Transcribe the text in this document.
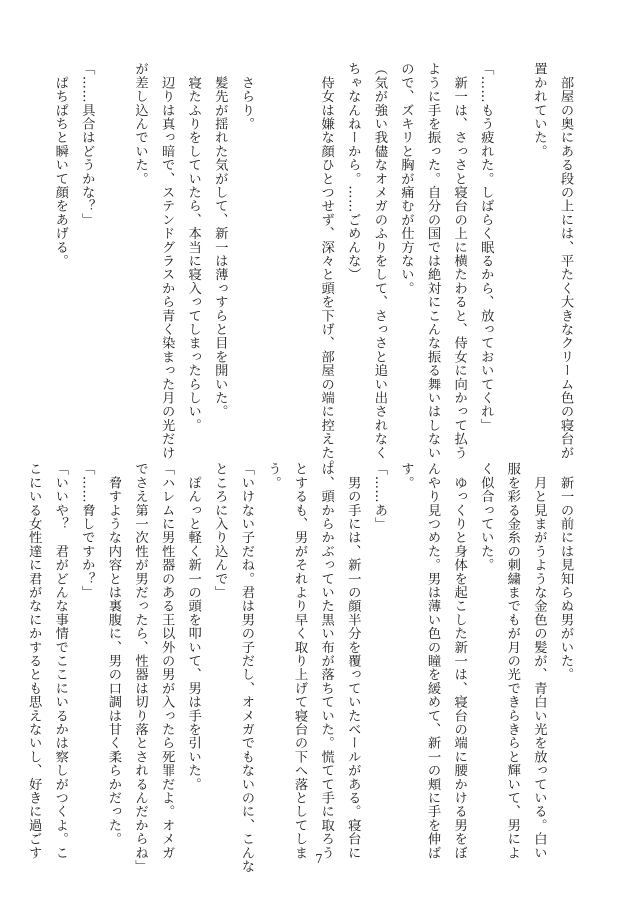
　部屋の奥にある段の上には、平たく大きなクリーム色の寝台が
置かれていた。
「……もう疲れた。しばらく眠るから、放っておいてくれ」
　新一は、さっさと寝台の上に横たわると、侍女に向かって払う
ように手を振った。自分の国では絶対にこんな振る舞いはしない
ので、ズキリと胸が痛むが仕方ない。
（気が強い我儘なオメガのふりをして、さっさと追い出されなく
ちゃなんねーから。……ごめんな）
　侍女は嫌な顔ひとつせず、深々と頭を下げ、部屋の端に控えた。
　さらり。
　髪先が揺れた気がして、新一は薄っすらと目を開いた。
　寝たふりをしていたら、本当に寝入ってしまったらしい。
　辺りは真っ暗で、ステンドグラスから青く染まった月の光だけ
が差し込んでいた。
「……具合はどうかな？」
　ぱちぱちと瞬いて顔をあげる。
　新一の前には見知らぬ男がいた。
　月と見まがうような金色の髪が、青白い光を放っている。白い
服を彩る金糸の刺繍までもが月の光できらきらと輝いて、男によ
く似合っていた。
　ゆっくりと身体を起こした新一は、寝台の端に腰かける男をぼ
んやり見つめた。男は薄い色の瞳を緩めて、新一の頬に手を伸ば
す。
「……あ」
　男の手には、新一の顔半分を覆っていたベールがある。寝台に
は、頭からかぶっていた黒い布が落ちていた。慌てて手に取ろう
とするも、男がそれより早く取り上げて寝台の下へ落としてしま
う。
「いけない子だね。君は男の子だし、オメガでもないのに、こんな
ところに入り込んで」
　ぽんっと軽く新一の頭を叩いて、男は手を引いた。
「ハレムに男性器のある王以外の男が入ったら死罪だよ。オメガ
でさえ第一次性が男だったら、性器は切り落とされるんだからね」
　脅すような内容とは裏腹に、男の口調は甘く柔らかだった。
「……脅しですか？」
「いいや？　君がどんな事情でここにいるかは察しがつくよ。こ
こにいる女性達に君がなにかするとも思えないし、好きに過ごす	7
